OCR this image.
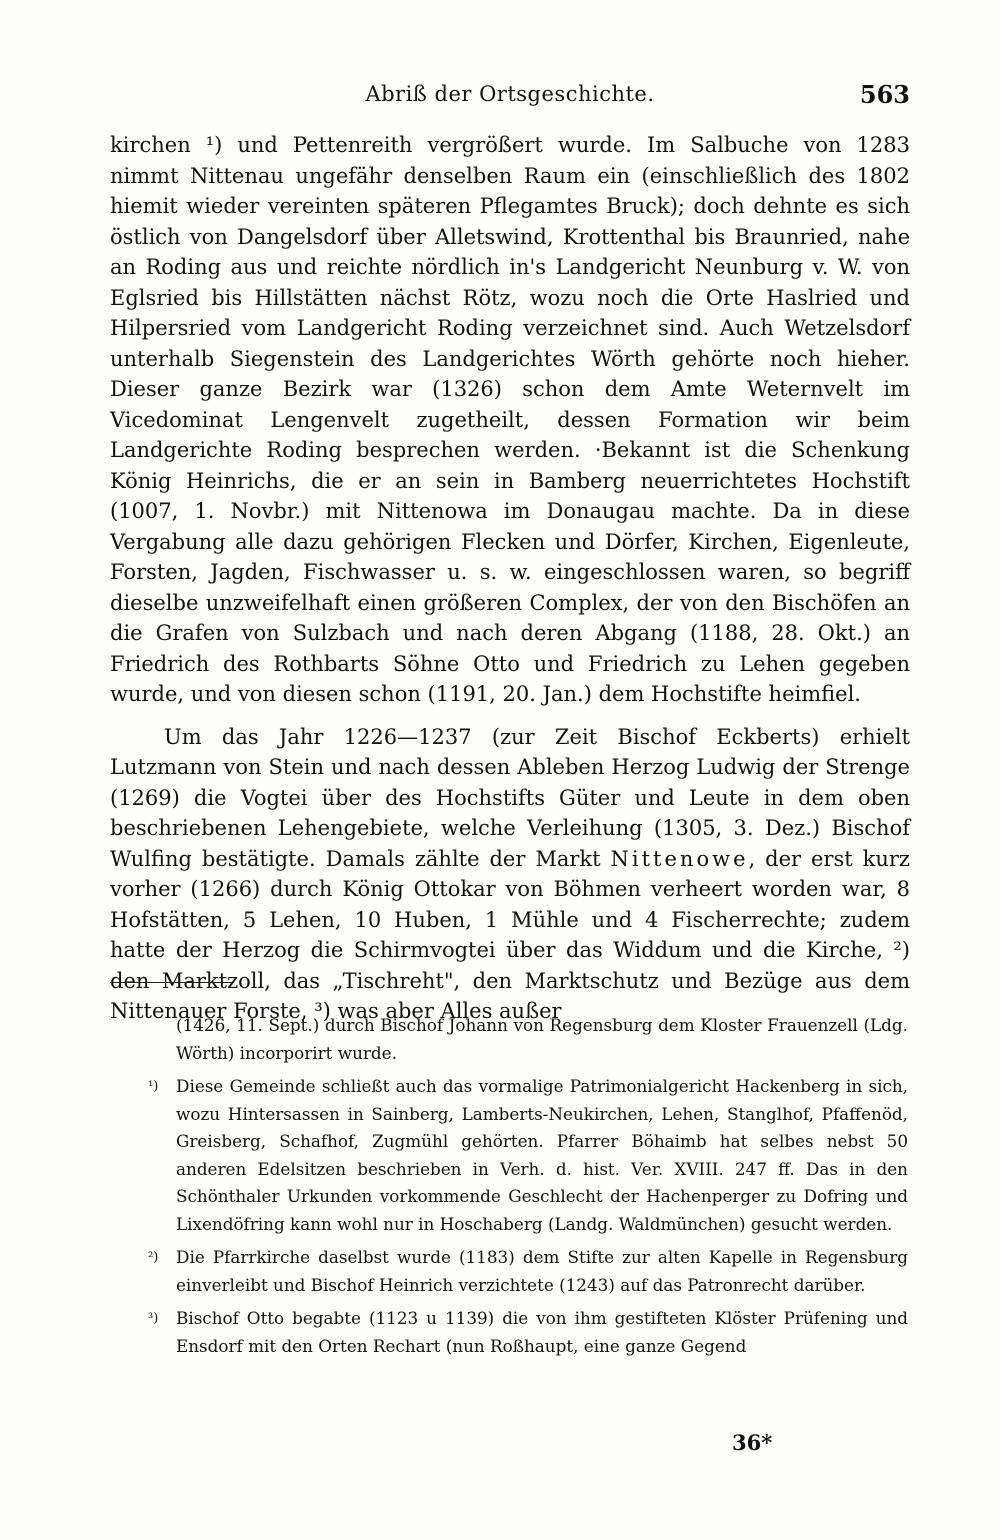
Abriß der Ortsgeschichte.	563

kirchen ¹) und Pettenreith vergrößert wurde. Im Salbuche von 1283 nimmt Nittenau ungefähr denselben Raum ein (einschließlich des 1802 hiemit wieder vereinten späteren Pflegamtes Bruck); doch dehnte es sich östlich von Dangelsdorf über Alletswind, Krottenthal bis Braunried, nahe an Roding aus und reichte nördlich in's Landgericht Neunburg v. W. von Eglsried bis Hillstätten nächst Rötz, wozu noch die Orte Haslried und Hilpersried vom Landgericht Roding verzeichnet sind. Auch Wetzelsdorf unterhalb Siegenstein des Landgerichtes Wörth gehörte noch hieher. Dieser ganze Bezirk war (1326) schon dem Amte Weternvelt im Vicedominat Lengenvelt zugetheilt, dessen Formation wir beim Landgerichte Roding besprechen werden. ·Bekannt ist die Schenkung König Heinrichs, die er an sein in Bamberg neuerrichtetes Hochstift (1007, 1. Novbr.) mit Nittenowa im Donaugau machte. Da in diese Vergabung alle dazu gehörigen Flecken und Dörfer, Kirchen, Eigenleute, Forsten, Jagden, Fischwasser u. s. w. eingeschlossen waren, so begriff dieselbe unzweifelhaft einen größeren Complex, der von den Bischöfen an die Grafen von Sulzbach und nach deren Abgang (1188, 28. Okt.) an Friedrich des Rothbarts Söhne Otto und Friedrich zu Lehen gegeben wurde, und von diesen schon (1191, 20. Jan.) dem Hochstifte heimfiel.

Um das Jahr 1226—1237 (zur Zeit Bischof Eckberts) erhielt Lutzmann von Stein und nach dessen Ableben Herzog Ludwig der Strenge (1269) die Vogtei über des Hochstifts Güter und Leute in dem oben beschriebenen Lehengebiete, welche Verleihung (1305, 3. Dez.) Bischof Wulfing bestätigte. Damals zählte der Markt Nittenowe, der erst kurz vorher (1266) durch König Ottokar von Böhmen verheert worden war, 8 Hofstätten, 5 Lehen, 10 Huben, 1 Mühle und 4 Fischerrechte; zudem hatte der Herzog die Schirmvogtei über das Widdum und die Kirche, ²) den Marktzoll, das „Tischreht", den Marktschutz und Bezüge aus dem Nittenauer Forste, ³) was aber Alles außer

(1426, 11. Sept.) durch Bischof Johann von Regensburg dem Kloster Frauenzell (Ldg. Wörth) incorporirt wurde.

¹) Diese Gemeinde schließt auch das vormalige Patrimonialgericht Hackenberg in sich, wozu Hintersassen in Sainberg, Lamberts-Neukirchen, Lehen, Stanglhof, Pfaffenöd, Greisberg, Schafhof, Zugmühl gehörten. Pfarrer Böhaimb hat selbes nebst 50 anderen Edelsitzen beschrieben in Verh. d. hist. Ver. XVIII. 247 ff. Das in den Schönthaler Urkunden vorkommende Geschlecht der Hachenperger zu Dofring und Lixendöfring kann wohl nur in Hoschaberg (Landg. Waldmünchen) gesucht werden.

²) Die Pfarrkirche daselbst wurde (1183) dem Stifte zur alten Kapelle in Regensburg einverleibt und Bischof Heinrich verzichtete (1243) auf das Patronrecht darüber.

³) Bischof Otto begabte (1123 u 1139) die von ihm gestifteten Klöster Prüfening und Ensdorf mit den Orten Rechart (nun Roßhaupt, eine ganze Gegend

36*
